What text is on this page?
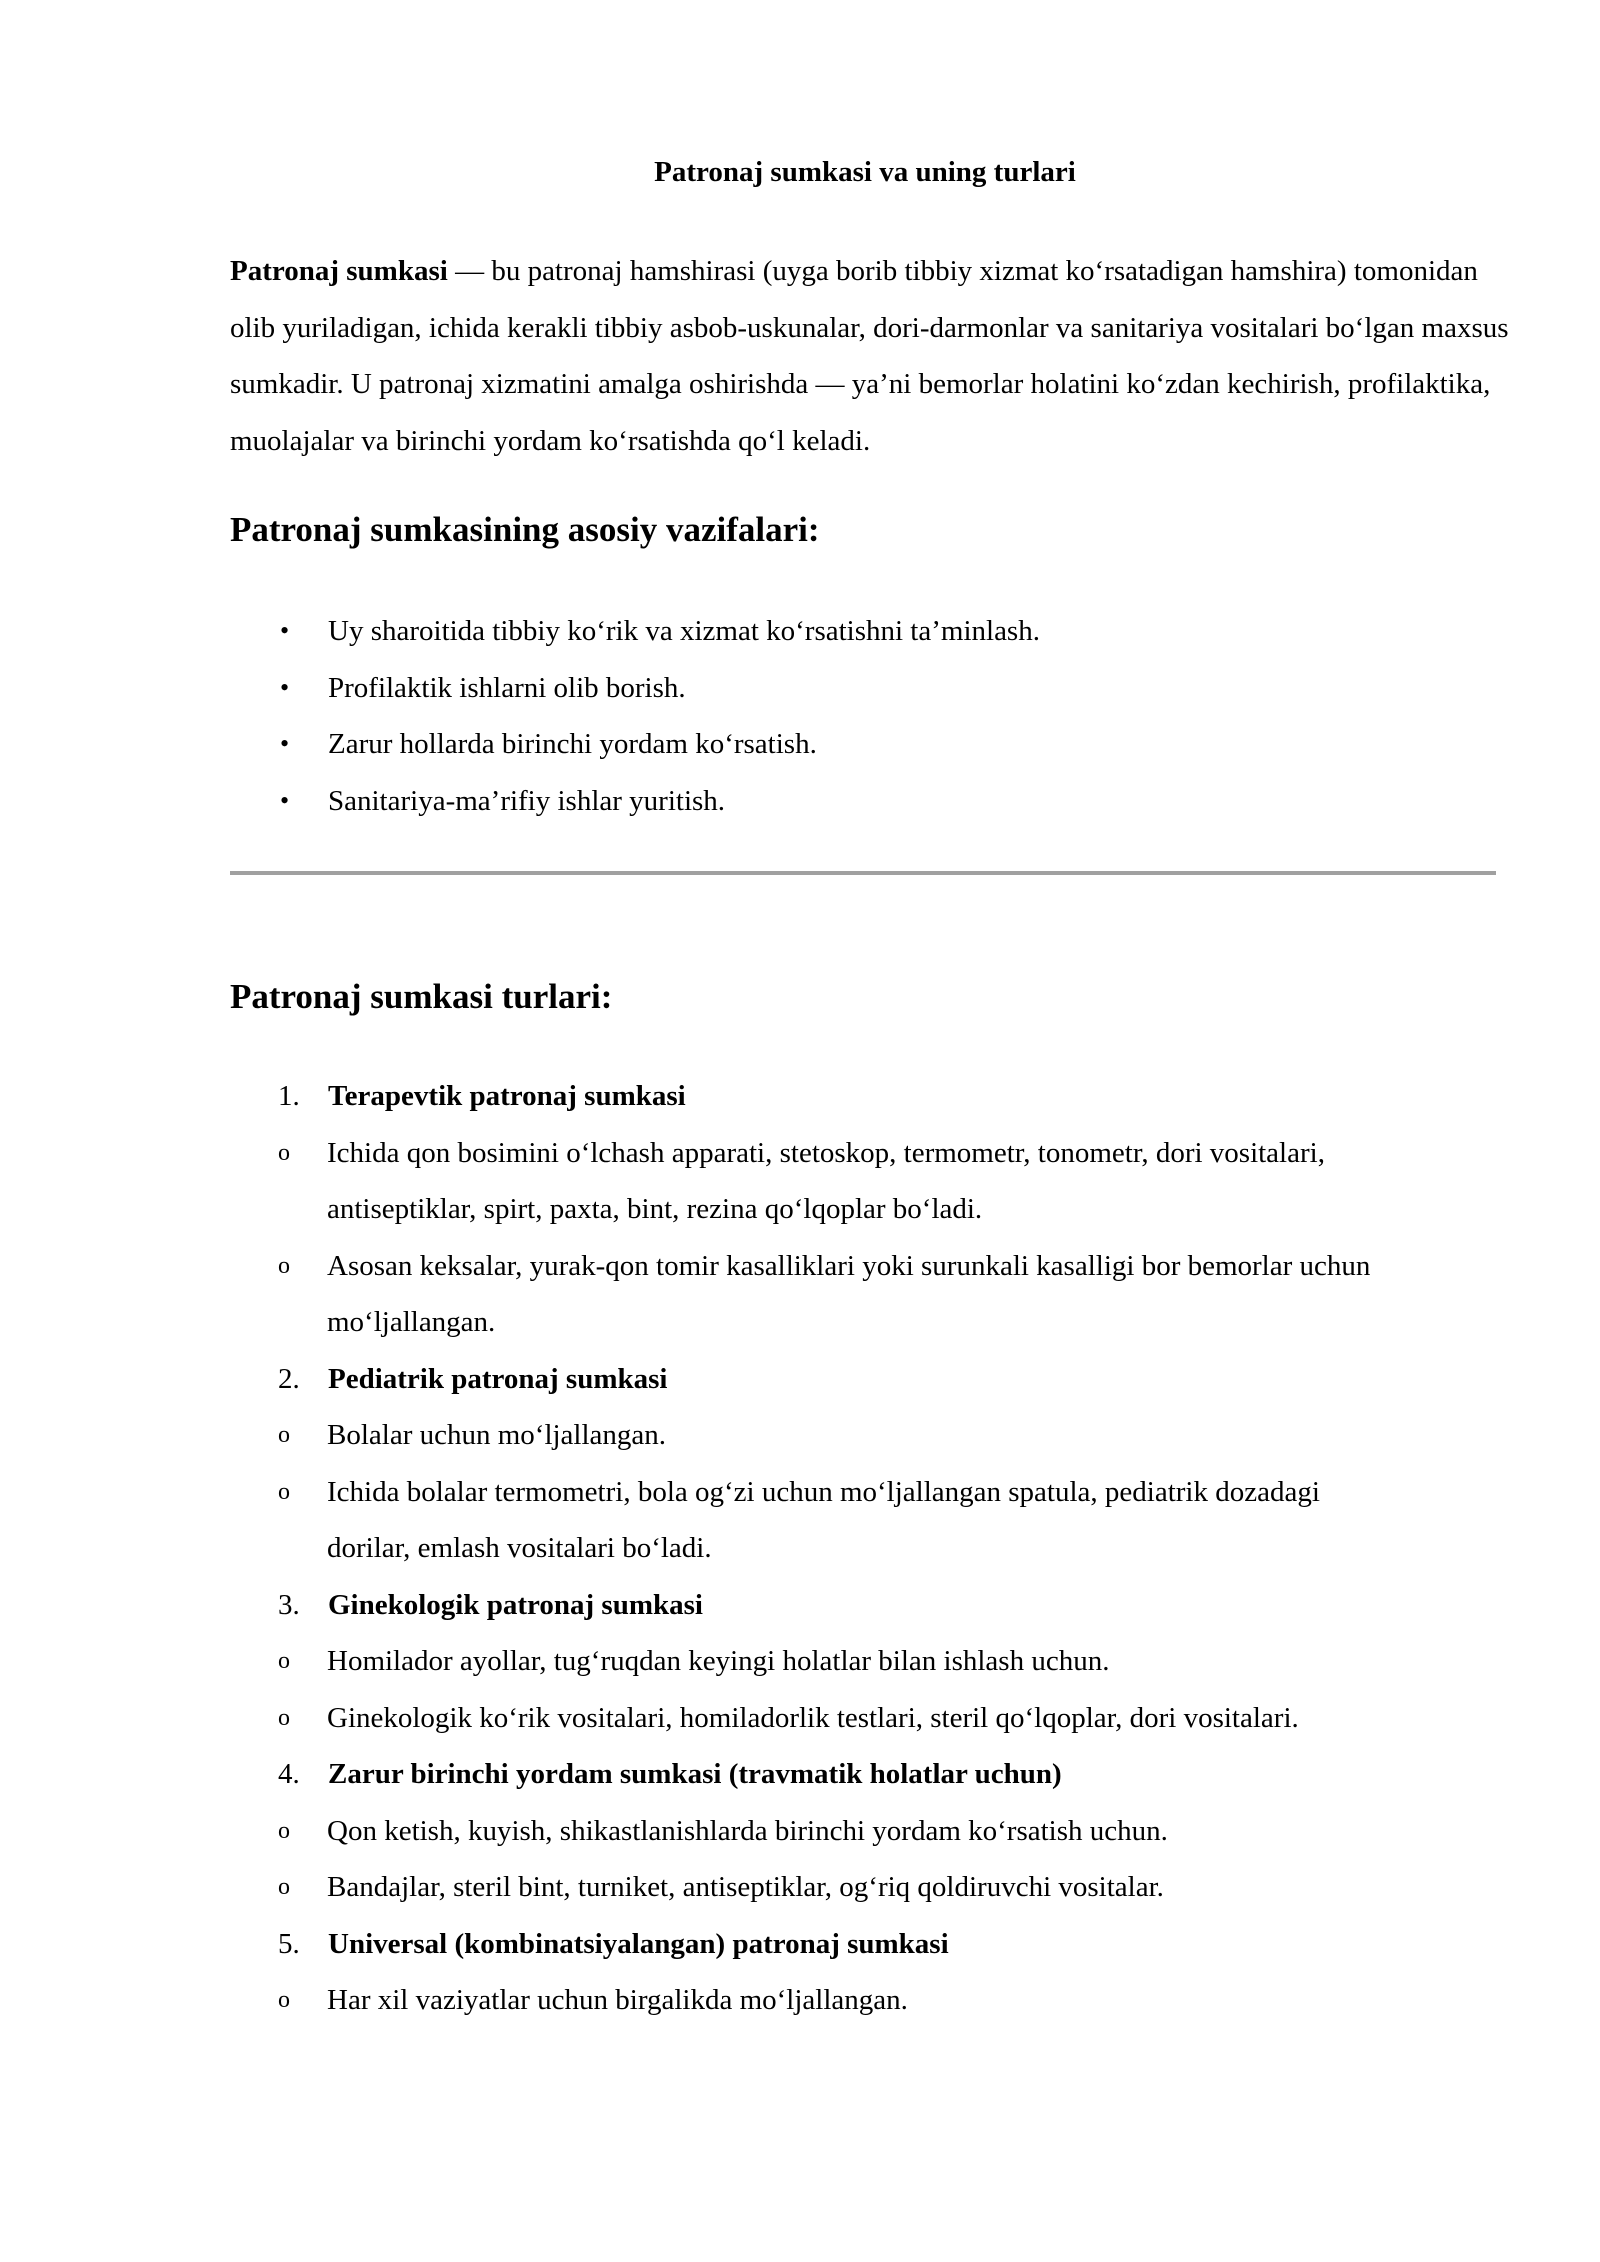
Patronaj sumkasi va uning turlari

Patronaj sumkasi — bu patronaj hamshirasi (uyga borib tibbiy xizmat koʻrsatadigan hamshira) tomonidan olib yuriladigan, ichida kerakli tibbiy asbob-uskunalar, dori-darmonlar va sanitariya vositalari boʻlgan maxsus sumkadir. U patronaj xizmatini amalga oshirishda — yaʼni bemorlar holatini koʻzdan kechirish, profilaktika, muolajalar va birinchi yordam koʻrsatishda qoʻl keladi.

Patronaj sumkasining asosiy vazifalari:
• Uy sharoitida tibbiy koʻrik va xizmat koʻrsatishni taʼminlash.
• Profilaktik ishlarni olib borish.
• Zarur hollarda birinchi yordam koʻrsatish.
• Sanitariya-maʼrifiy ishlar yuritish.
Patronaj sumkasi turlari:
1. Terapevtik patronaj sumkasi
o Ichida qon bosimini oʻlchash apparati, stetoskop, termometr, tonometr, dori vositalari, antiseptiklar, spirt, paxta, bint, rezina qoʻlqoplar boʻladi.
o Asosan keksalar, yurak-qon tomir kasalliklari yoki surunkali kasalligi bor bemorlar uchun moʻljallangan.
2. Pediatrik patronaj sumkasi
o Bolalar uchun moʻljallangan.
o Ichida bolalar termometri, bola ogʻzi uchun moʻljallangan spatula, pediatrik dozadagi dorilar, emlash vositalari boʻladi.
3. Ginekologik patronaj sumkasi
o Homilador ayollar, tugʻruqdan keyingi holatlar bilan ishlash uchun.
o Ginekologik koʻrik vositalari, homiladorlik testlari, steril qoʻlqoplar, dori vositalari.
4. Zarur birinchi yordam sumkasi (travmatik holatlar uchun)
o Qon ketish, kuyish, shikastlanishlarda birinchi yordam koʻrsatish uchun.
o Bandajlar, steril bint, turniket, antiseptiklar, ogʻriq qoldiruvchi vositalar.
5. Universal (kombinatsiyalangan) patronaj sumkasi
o Har xil vaziyatlar uchun birgalikda moʻljallangan.
